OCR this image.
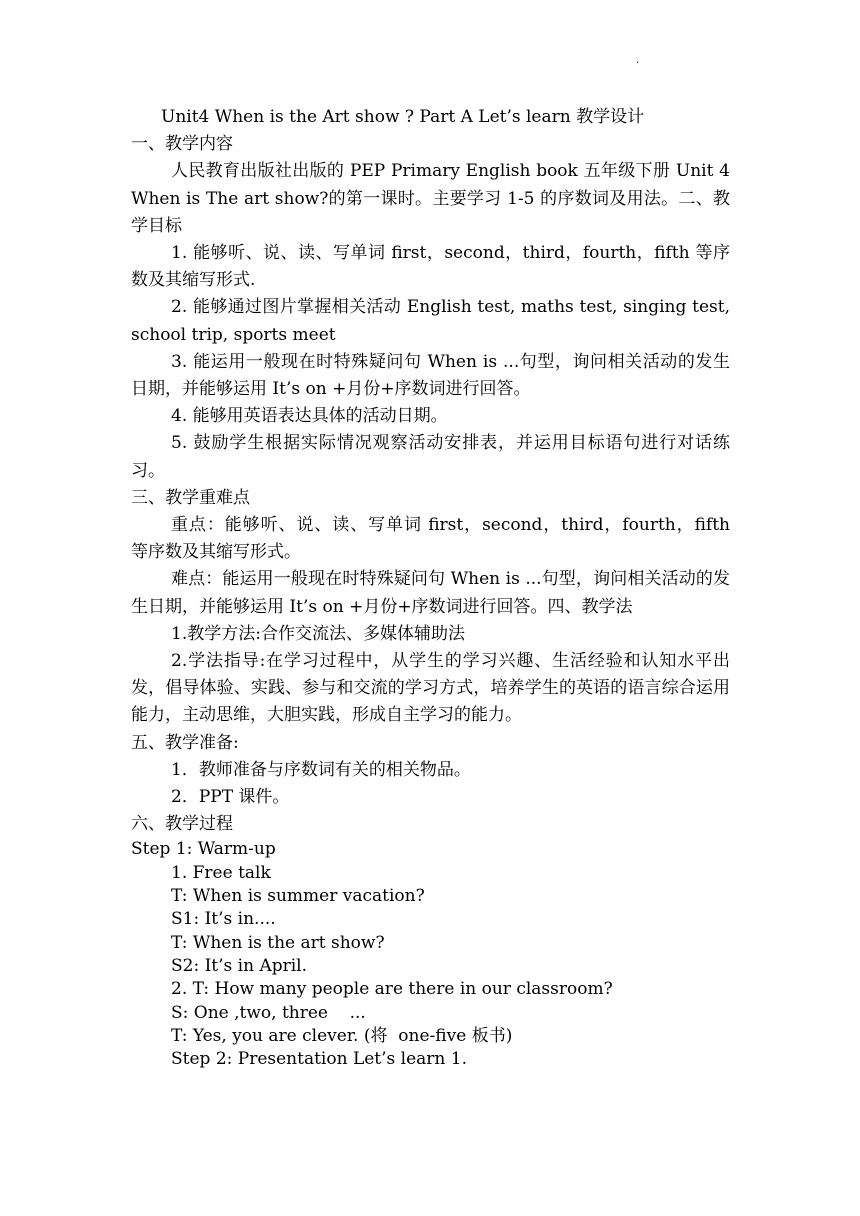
.

Unit4 When is the Art show ? Part A Let’s learn 教学设计

一、教学内容

人民教育出版社出版的 PEP Primary English book 五年级下册 Unit 4 When is The art show?的第一课时。主要学习 1-5 的序数词及用法。二、教学目标

1. 能够听、说、读、写单词 first，second，third，fourth，fifth 等序数及其缩写形式.

2. 能够通过图片掌握相关活动 English test, maths test, singing test, school trip, sports meet

3. 能运用一般现在时特殊疑问句 When is ...句型，询问相关活动的发生日期，并能够运用 It’s on +月份+序数词进行回答。

4. 能够用英语表达具体的活动日期。

5. 鼓励学生根据实际情况观察活动安排表，并运用目标语句进行对话练习。

三、教学重难点

重点：能够听、说、读、写单词 first，second，third，fourth，fifth 等序数及其缩写形式。

难点：能运用一般现在时特殊疑问句 When is ...句型，询问相关活动的发生日期，并能够运用 It’s on +月份+序数词进行回答。四、教学法

1.教学方法:合作交流法、多媒体辅助法

2.学法指导:在学习过程中，从学生的学习兴趣、生活经验和认知水平出发，倡导体验、实践、参与和交流的学习方式，培养学生的英语的语言综合运用能力，主动思维，大胆实践，形成自主学习的能力。

五、教学准备:

1．教师准备与序数词有关的相关物品。

2．PPT 课件。

六、教学过程

Step 1: Warm-up

1. Free talk

T: When is summer vacation?

S1: It’s in....

T: When is the art show?

S2: It’s in April.

2. T: How many people are there in our classroom?

S: One ,two, three    ...

T: Yes, you are clever. (将  one-five 板书)

Step 2: Presentation Let’s learn 1.
